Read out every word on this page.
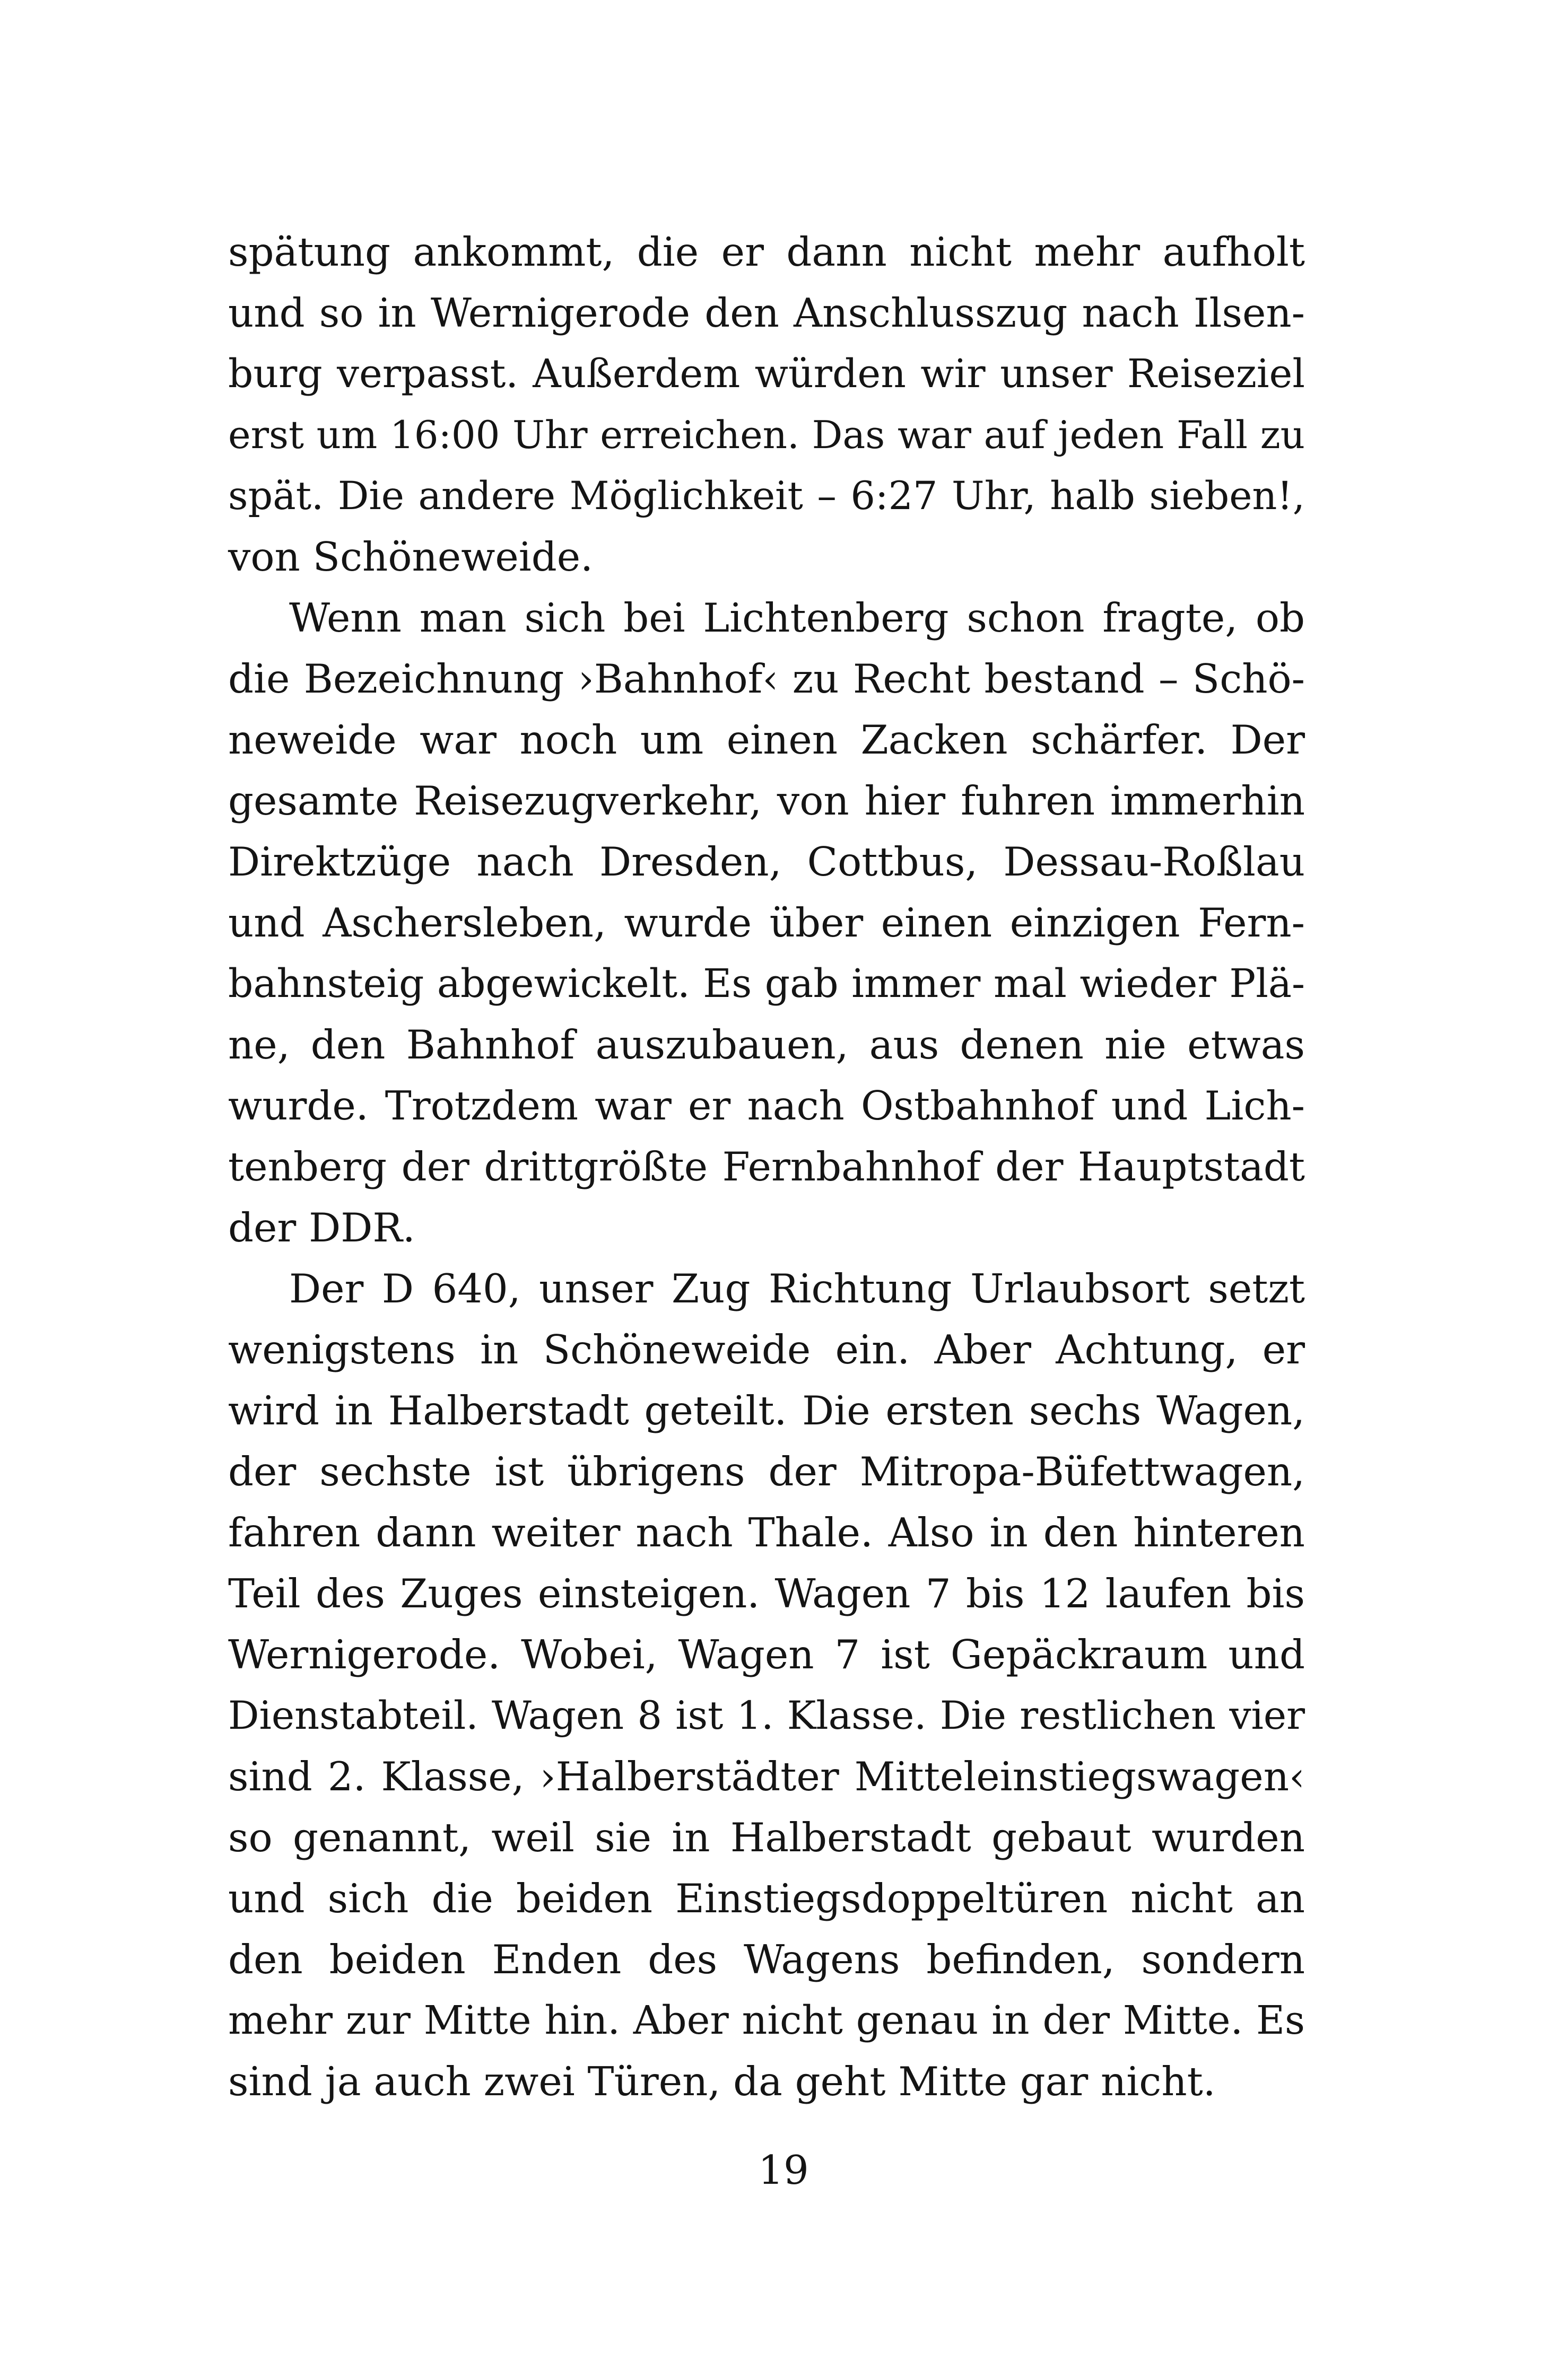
spätung ankommt, die er dann nicht mehr aufholt
und so in Wernigerode den Anschlusszug nach Ilsen-
burg verpasst. Außerdem würden wir unser Reiseziel
erst um 16:00 Uhr erreichen. Das war auf jeden Fall zu
spät. Die andere Möglichkeit – 6:27 Uhr, halb sieben!,
von Schöneweide.
Wenn man sich bei Lichtenberg schon fragte, ob
die Bezeichnung ›Bahnhof‹ zu Recht bestand – Schö-
neweide war noch um einen Zacken schärfer. Der
gesamte Reisezugverkehr, von hier fuhren immerhin
Direktzüge nach Dresden, Cottbus, Dessau-Roßlau
und Aschersleben, wurde über einen einzigen Fern-
bahnsteig abgewickelt. Es gab immer mal wieder Plä-
ne, den Bahnhof auszubauen, aus denen nie etwas
wurde. Trotzdem war er nach Ostbahnhof und Lich-
tenberg der drittgrößte Fernbahnhof der Hauptstadt
der DDR.
Der D 640, unser Zug Richtung Urlaubsort setzt
wenigstens in Schöneweide ein. Aber Achtung, er
wird in Halberstadt geteilt. Die ersten sechs Wagen,
der sechste ist übrigens der Mitropa-Büfettwagen,
fahren dann weiter nach Thale. Also in den hinteren
Teil des Zuges einsteigen. Wagen 7 bis 12 laufen bis
Wernigerode. Wobei, Wagen 7 ist Gepäckraum und
Dienstabteil. Wagen 8 ist 1. Klasse. Die restlichen vier
sind 2. Klasse, ›Halberstädter Mitteleinstiegswagen‹
so genannt, weil sie in Halberstadt gebaut wurden
und sich die beiden Einstiegsdoppeltüren nicht an
den beiden Enden des Wagens befinden, sondern
mehr zur Mitte hin. Aber nicht genau in der Mitte. Es
sind ja auch zwei Türen, da geht Mitte gar nicht.
19
